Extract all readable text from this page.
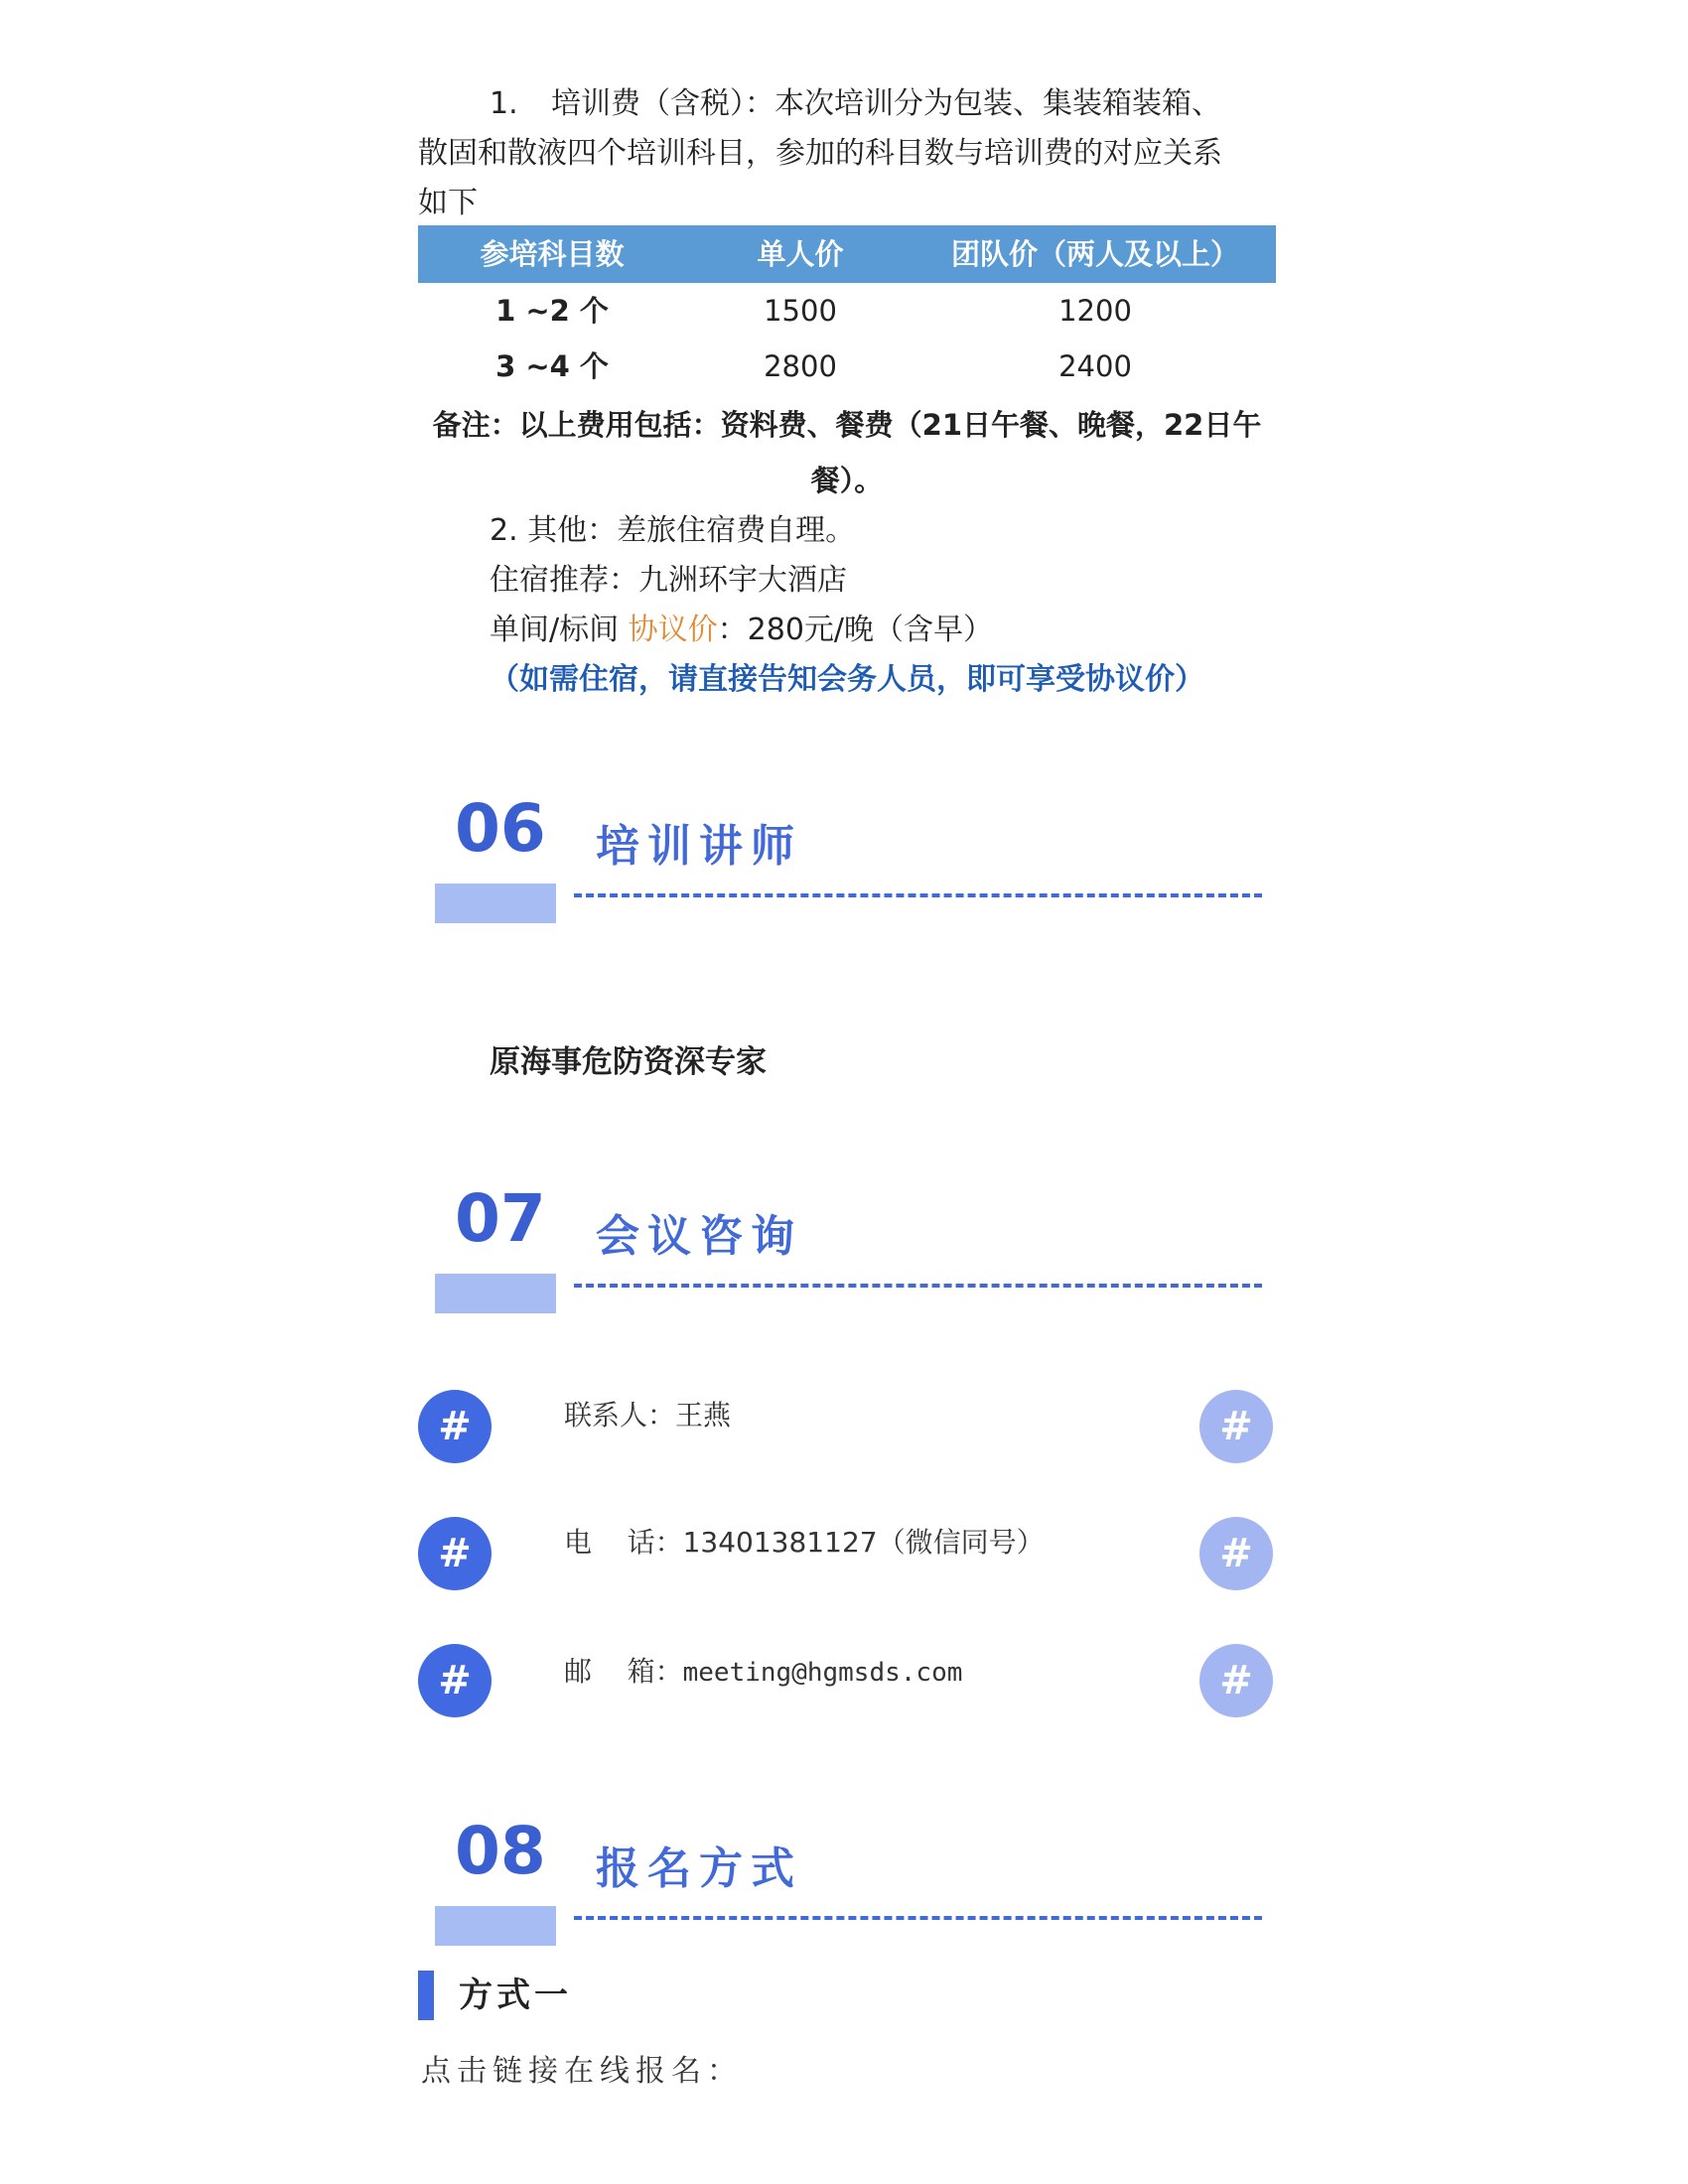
1. 培训费（含税）：本次培训分为包装、集装箱装箱、
散固和散液四个培训科目，参加的科目数与培训费的对应关系
如下
参培科目数	单人价	团队价（两人及以上）
1 ~2 个	1500	1200
3 ~4 个	2800	2400
备注：以上费用包括：资料费、餐费（21日午餐、晚餐，22日午
餐）。
2. 其他：差旅住宿费自理。
住宿推荐：九洲环宇大酒店
单间/标间 协议价：280元/晚（含早）
（如需住宿，请直接告知会务人员，即可享受协议价）
06 培训讲师
原海事危防资深专家
07 会议咨询
#	联系人：王燕	#
#	电    话：13401381127（微信同号）	#
#	邮    箱：meeting@hgmsds.com	#
08 报名方式
方式一
点击链接在线报名：
